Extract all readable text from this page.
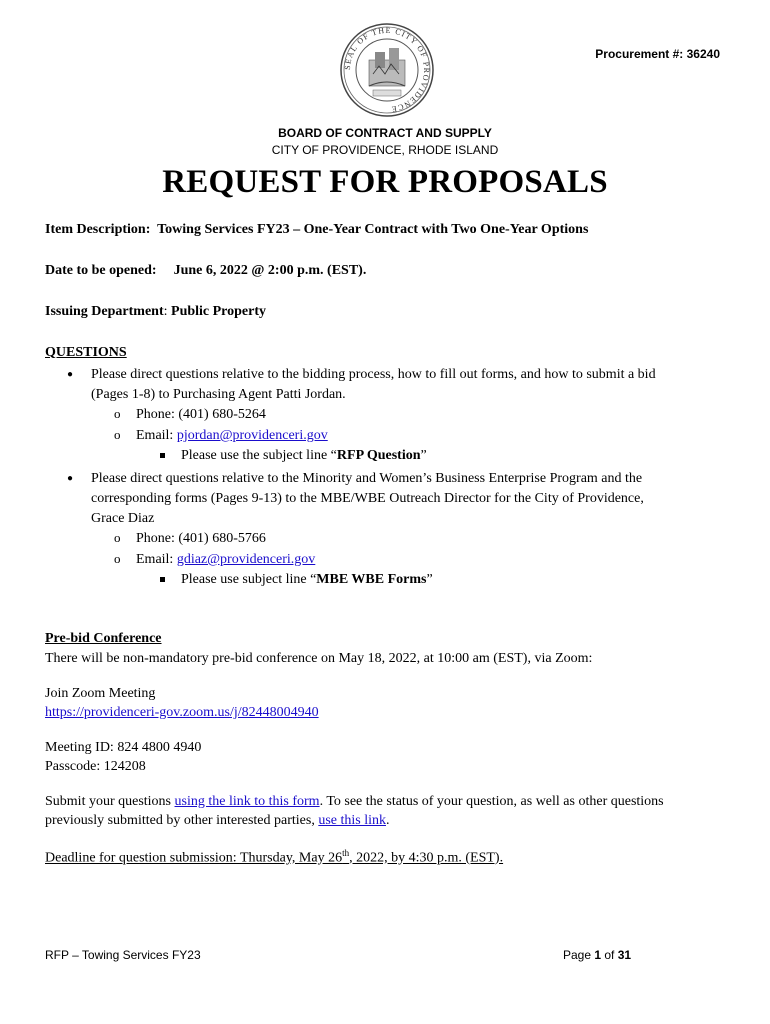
SEAL OF THE CITY OF PROVIDENCE
Procurement #: 36240
BOARD OF CONTRACT AND SUPPLY
CITY OF PROVIDENCE, RHODE ISLAND
REQUEST FOR PROPOSALS
Item Description: Towing Services FY23 – One-Year Contract with Two One-Year Options
Date to be opened: June 6, 2022 @ 2:00 p.m. (EST).
Issuing Department: Public Property
QUESTIONS
● Please direct questions relative to the bidding process, how to fill out forms, and how to submit a bid
(Pages 1-8) to Purchasing Agent Patti Jordan.
o Phone: (401) 680-5264
o Email: pjordan@providenceri.gov
Please use the subject line “RFP Question”
● Please direct questions relative to the Minority and Women’s Business Enterprise Program and the
corresponding forms (Pages 9-13) to the MBE/WBE Outreach Director for the City of Providence,
Grace Diaz
o Phone: (401) 680-5766
o Email: gdiaz@providenceri.gov
Please use subject line “MBE WBE Forms”
Pre-bid Conference
There will be non-mandatory pre-bid conference on May 18, 2022, at 10:00 am (EST), via Zoom:
Join Zoom Meeting
https://providenceri-gov.zoom.us/j/82448004940
Meeting ID: 824 4800 4940
Passcode: 124208
Submit your questions using the link to this form. To see the status of your question, as well as other questions
previously submitted by other interested parties, use this link.
Deadline for question submission: Thursday, May 26th, 2022, by 4:30 p.m. (EST).
RFP – Towing Services FY23	Page 1 of 31
